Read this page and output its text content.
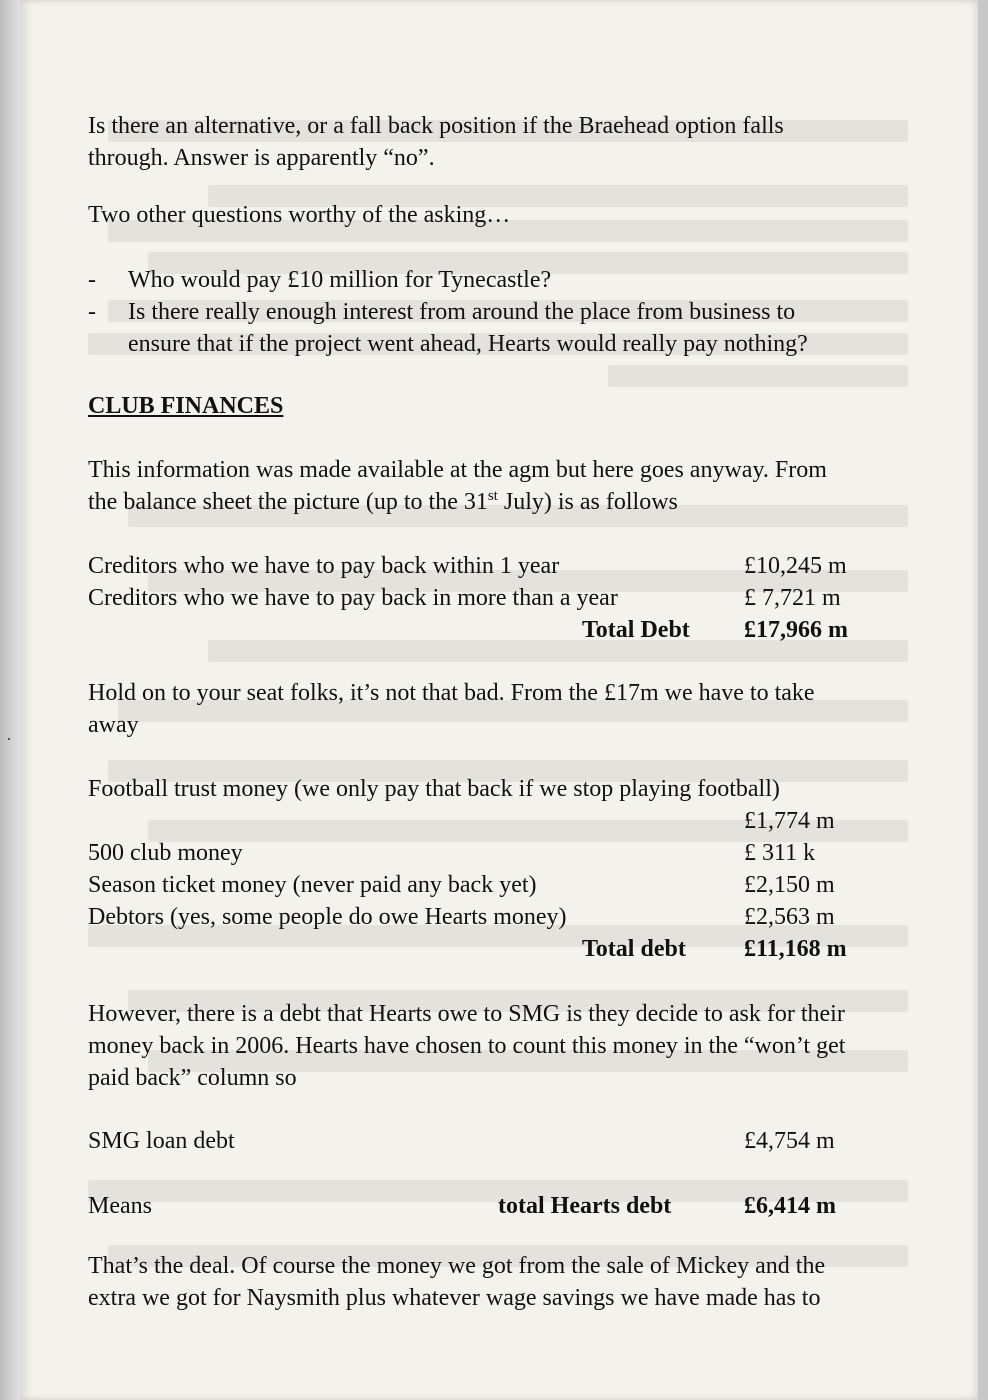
Is there an alternative, or a fall back position if the Braehead option falls
through. Answer is apparently “no”.
Two other questions worthy of the asking…
- Who would pay £10 million for Tynecastle?
- Is there really enough interest from around the place from business to
ensure that if the project went ahead, Hearts would really pay nothing?
CLUB FINANCES
This information was made available at the agm but here goes anyway. From
the balance sheet the picture (up to the 31st July) is as follows
Creditors who we have to pay back within 1 year	£10,245 m
Creditors who we have to pay back in more than a year	£ 7,721 m
Total Debt £17,966 m
Hold on to your seat folks, it’s not that bad. From the £17m we have to take
away
Football trust money (we only pay that back if we stop playing football)
£1,774 m
500 club money	£ 311 k
Season ticket money (never paid any back yet)	£2,150 m
Debtors (yes, some people do owe Hearts money)	£2,563 m
Total debt £11,168 m
However, there is a debt that Hearts owe to SMG is they decide to ask for their
money back in 2006. Hearts have chosen to count this money in the “won’t get
paid back” column so
SMG loan debt	£4,754 m
Means	total Hearts debt	£6,414 m
That’s the deal. Of course the money we got from the sale of Mickey and the
extra we got for Naysmith plus whatever wage savings we have made has to
